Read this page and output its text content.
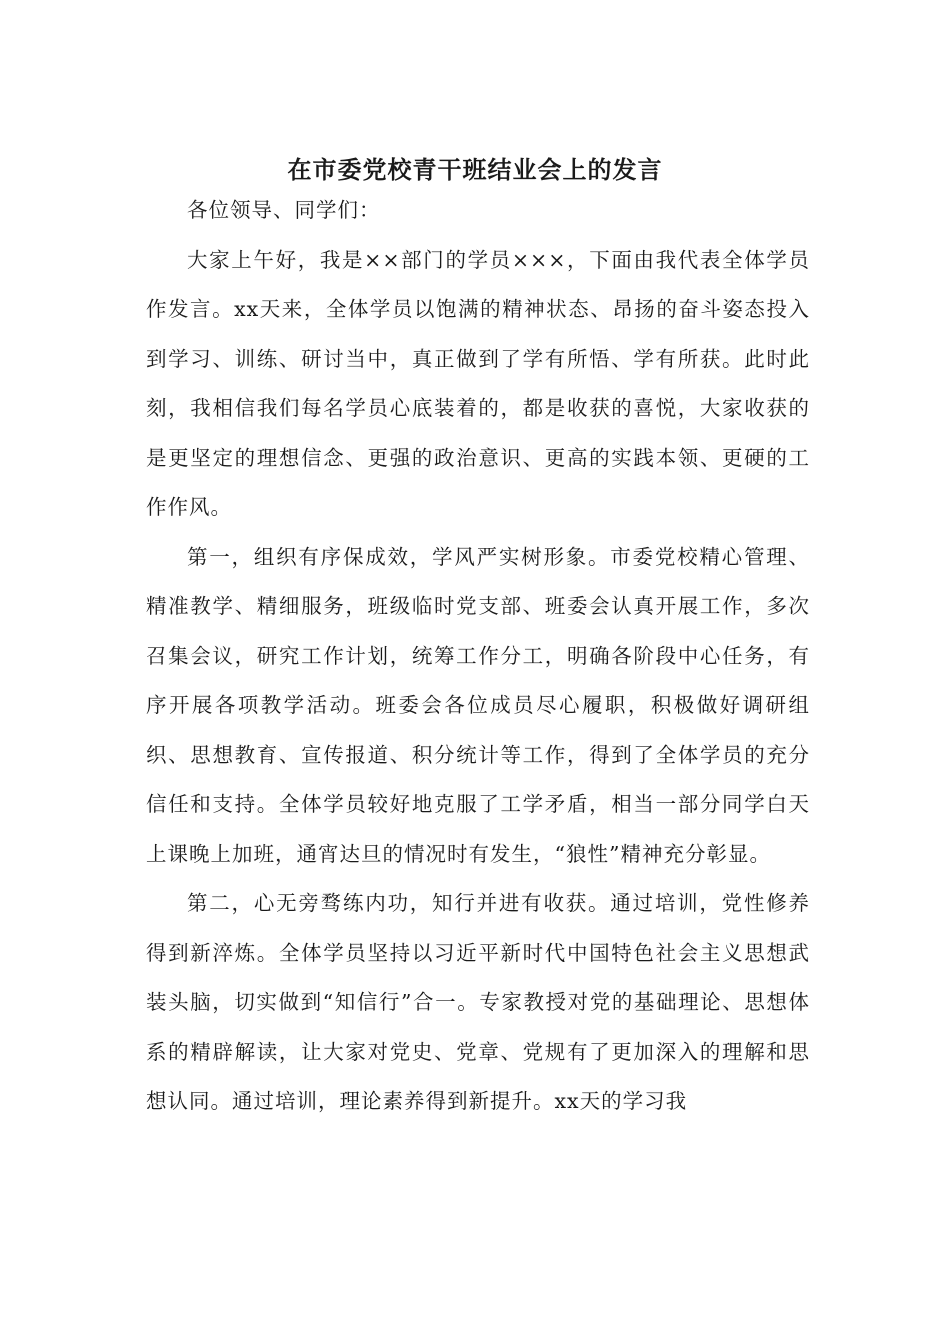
在市委党校青干班结业会上的发言

各位领导、同学们：

大家上午好，我是××部门的学员×××，下面由我代表全体学员作发言。xx天来，全体学员以饱满的精神状态、昂扬的奋斗姿态投入到学习、训练、研讨当中，真正做到了学有所悟、学有所获。此时此刻，我相信我们每名学员心底装着的，都是收获的喜悦，大家收获的是更坚定的理想信念、更强的政治意识、更高的实践本领、更硬的工作作风。

第一，组织有序保成效，学风严实树形象。市委党校精心管理、精准教学、精细服务，班级临时党支部、班委会认真开展工作，多次召集会议，研究工作计划，统筹工作分工，明确各阶段中心任务，有序开展各项教学活动。班委会各位成员尽心履职，积极做好调研组织、思想教育、宣传报道、积分统计等工作，得到了全体学员的充分信任和支持。全体学员较好地克服了工学矛盾，相当一部分同学白天上课晚上加班，通宵达旦的情况时有发生，“狼性”精神充分彰显。

第二，心无旁骛练内功，知行并进有收获。通过培训，党性修养得到新淬炼。全体学员坚持以习近平新时代中国特色社会主义思想武装头脑，切实做到“知信行”合一。专家教授对党的基础理论、思想体系的精辟解读，让大家对党史、党章、党规有了更加深入的理解和思想认同。通过培训，理论素养得到新提升。xx天的学习我
